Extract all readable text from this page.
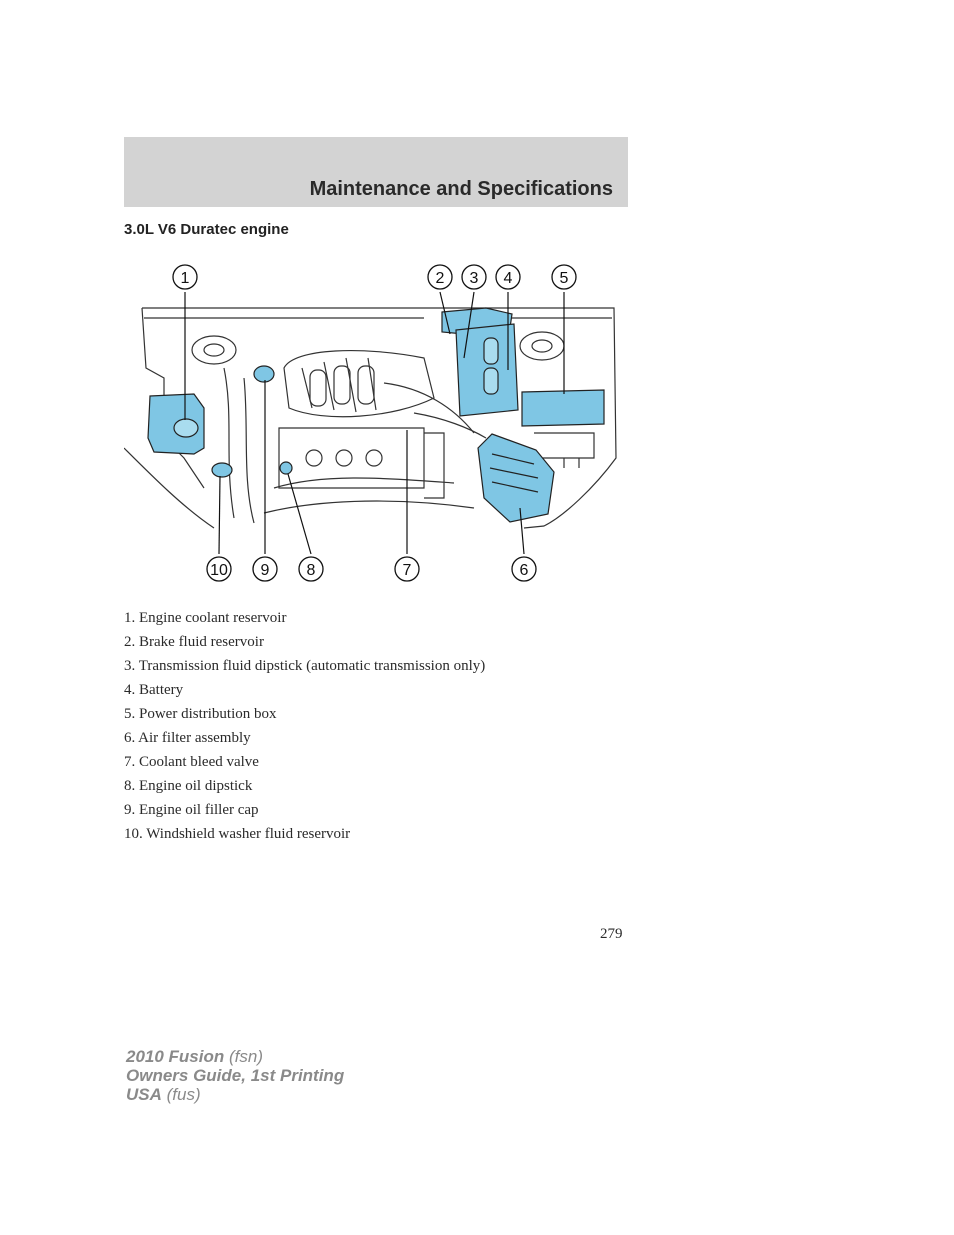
Maintenance and Specifications
3.0L V6 Duratec engine
1	2 3 4	5
6
7
8
9
10
1. Engine coolant reservoir
2. Brake fluid reservoir
3. Transmission fluid dipstick (automatic transmission only)
4. Battery
5. Power distribution box
6. Air filter assembly
7. Coolant bleed valve
8. Engine oil dipstick
9. Engine oil filler cap
10. Windshield washer fluid reservoir
279
2010 Fusion (fsn)
Owners Guide, 1st Printing
USA (fus)
